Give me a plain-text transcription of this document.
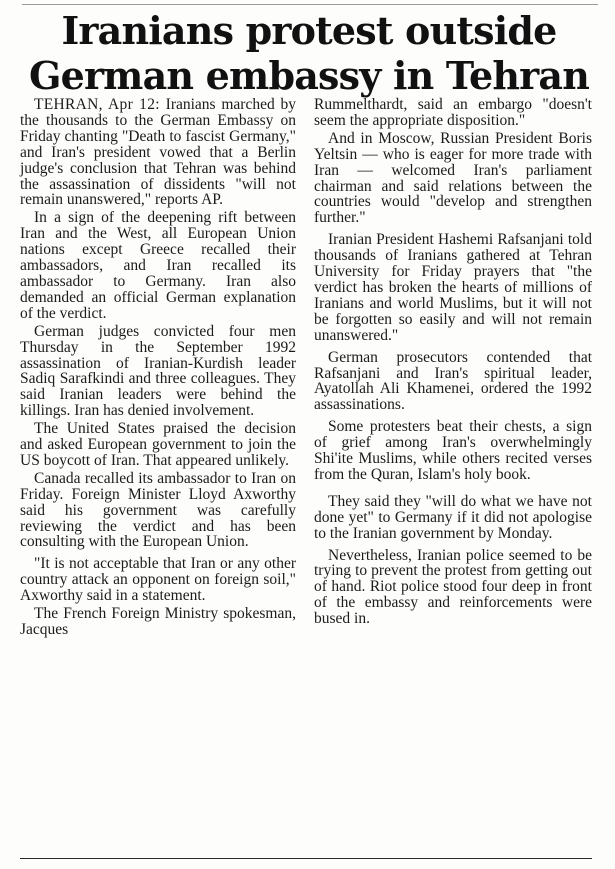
Iranians protest outside
German embassy in Tehran

TEHRAN, Apr 12: Iranians marched by the thousands to the German Embassy on Friday chanting "Death to fascist Germany," and Iran's president vowed that a Berlin judge's conclusion that Tehran was behind the assassination of dissidents "will not remain unanswered," reports AP.

In a sign of the deepening rift between Iran and the West, all European Union nations except Greece recalled their ambassadors, and Iran recalled its ambassador to Germany. Iran also demanded an official German explanation of the verdict.

German judges convicted four men Thursday in the September 1992 assassination of Iranian-Kurdish leader Sadiq Sarafkindi and three colleagues. They said Iranian leaders were behind the killings. Iran has denied involvement.

The United States praised the decision and asked European government to join the US boycott of Iran. That appeared unlikely.

Canada recalled its ambassador to Iran on Friday. Foreign Minister Lloyd Axworthy said his government was carefully reviewing the verdict and has been consulting with the European Union.

"It is not acceptable that Iran or any other country attack an opponent on foreign soil," Axworthy said in a statement.

The French Foreign Ministry spokesman, Jacques

Rummelthardt, said an embargo "doesn't seem the appropriate disposition."

And in Moscow, Russian President Boris Yeltsin — who is eager for more trade with Iran — welcomed Iran's parliament chairman and said relations between the countries would "develop and strengthen further."

Iranian President Hashemi Rafsanjani told thousands of Iranians gathered at Tehran University for Friday prayers that "the verdict has broken the hearts of millions of Iranians and world Muslims, but it will not be forgotten so easily and will not remain unanswered."

German prosecutors contended that Rafsanjani and Iran's spiritual leader, Ayatollah Ali Khamenei, ordered the 1992 assassinations.

Some protesters beat their chests, a sign of grief among Iran's overwhelmingly Shi'ite Muslims, while others recited verses from the Quran, Islam's holy book.

They said they "will do what we have not done yet" to Germany if it did not apologise to the Iranian government by Monday.

Nevertheless, Iranian police seemed to be trying to prevent the protest from getting out of hand. Riot police stood four deep in front of the embassy and reinforcements were bused in.
